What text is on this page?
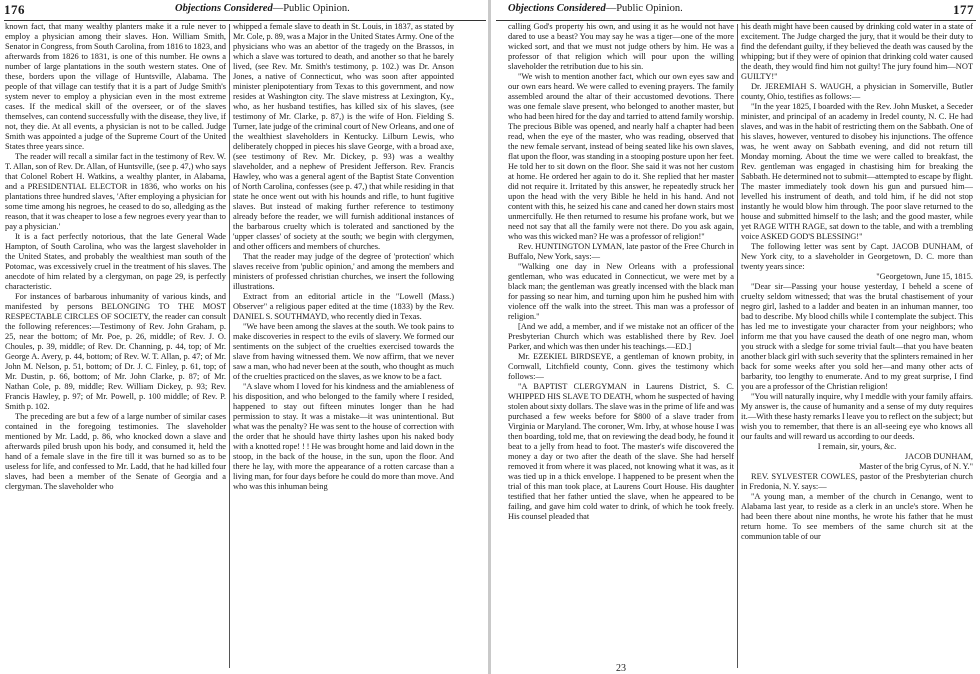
176	Objections Considered—Public Opinion.

known fact, that many wealthy planters make it a rule never to employ a physician among their slaves. Hon. William Smith, Senator in Congress, from South Carolina, from 1816 to 1823, and afterwards from 1826 to 1831, is one of this number. He owns a number of large plantations in the south western states. One of these, borders upon the village of Huntsville, Alabama. The people of that village can testify that it is a part of Judge Smith's system never to employ a physician even in the most extreme cases. If the medical skill of the overseer, or of the slaves themselves, can contend successfully with the disease, they live, if not, they die. At all events, a physician is not to be called. Judge Smith was appointed a judge of the Supreme Court of the United States three years since.

The reader will recall a similar fact in the testimony of Rev. W. T. Allan, son of Rev. Dr. Allan, of Huntsville, (see p. 47,) who says that Colonel Robert H. Watkins, a wealthy planter, in Alabama, and a PRESIDENTIAL ELECTOR in 1836, who works on his plantations three hundred slaves, 'After employing a physician for some time among his negroes, he ceased to do so, alledging as the reason, that it was cheaper to lose a few negroes every year than to pay a physician.'

It is a fact perfectly notorious, that the late General Wade Hampton, of South Carolina, who was the largest slaveholder in the United States, and probably the wealthiest man south of the Potomac, was excessively cruel in the treatment of his slaves. The anecdote of him related by a clergyman, on page 29, is perfectly characteristic.

For instances of barbarous inhumanity of various kinds, and manifested by persons BELONGING TO THE MOST RESPECTABLE CIRCLES OF SOCIETY, the reader can consult the following references:—Testimony of Rev. John Graham, p. 25, near the bottom; of Mr. Poe, p. 26, middle; of Rev. J. O. Choules, p. 39, middle; of Rev. Dr. Channing, p. 44, top; of Mr. George A. Avery, p. 44, bottom; of Rev. W. T. Allan, p. 47; of Mr. John M. Nelson, p. 51, bottom; of Dr. J. C. Finley, p. 61, top; of Mr. Dustin, p. 66, bottom; of Mr. John Clarke, p. 87; of Mr. Nathan Cole, p. 89, middle; Rev. William Dickey, p. 93; Rev. Francis Hawley, p. 97; of Mr. Powell, p. 100 middle; of Rev. P. Smith p. 102.

The preceding are but a few of a large number of similar cases contained in the foregoing testimonies. The slaveholder mentioned by Mr. Ladd, p. 86, who knocked down a slave and afterwards piled brush upon his body, and consumed it, held the hand of a female slave in the fire till it was burned so as to be useless for life, and confessed to Mr. Ladd, that he had killed four slaves, had been a member of the Senate of Georgia and a clergyman. The slaveholder who

whipped a female slave to death in St. Louis, in 1837, as stated by Mr. Cole, p. 89, was a Major in the United States Army. One of the physicians who was an abettor of the tragedy on the Brassos, in which a slave was tortured to death, and another so that he barely lived, (see Rev. Mr. Smith's testimony, p. 102.) was Dr. Anson Jones, a native of Connecticut, who was soon after appointed minister plenipotentiary from Texas to this government, and now resides at Washington city. The slave mistress at Lexington, Ky., who, as her husband testifies, has killed six of his slaves, (see testimony of Mr. Clarke, p. 87,) is the wife of Hon. Fielding S. Turner, late judge of the criminal court of New Orleans, and one of the wealthiest slaveholders in Kentucky. Lilburn Lewis, who deliberately chopped in pieces his slave George, with a broad axe, (see testimony of Rev. Mr. Dickey, p. 93) was a wealthy slaveholder, and a nephew of President Jefferson. Rev. Francis Hawley, who was a general agent of the Baptist State Convention of North Carolina, confesses (see p. 47,) that while residing in that state he once went out with his hounds and rifle, to hunt fugitive slaves. But instead of making further reference to testimony already before the reader, we will furnish additional instances of the barbarous cruelty which is tolerated and sanctioned by the 'upper classes' of society at the south; we begin with clergymen, and other officers and members of churches.

That the reader may judge of the degree of 'protection' which slaves receive from 'public opinion,' and among the members and ministers of professed christian churches, we insert the following illustrations.

Extract from an editorial article in the "Lowell (Mass.) Observer" a religious paper edited at the time (1833) by the Rev. DANIEL S. SOUTHMAYD, who recently died in Texas.

"We have been among the slaves at the south. We took pains to make discoveries in respect to the evils of slavery. We formed our sentiments on the subject of the cruelties exercised towards the slave from having witnessed them. We now affirm, that we never saw a man, who had never been at the south, who thought as much of the cruelties practiced on the slaves, as we know to be a fact.

"A slave whom I loved for his kindness and the amiableness of his disposition, and who belonged to the family where I resided, happened to stay out fifteen minutes longer than he had permission to stay. It was a mistake—it was unintentional. But what was the penalty? He was sent to the house of correction with the order that he should have thirty lashes upon his naked body with a knotted rope! ! ! He was brought home and laid down in the stoop, in the back of the house, in the sun, upon the floor. And there he lay, with more the appearance of a rotten carcase than a living man, for four days before he could do more than move. And who was this inhuman being

Objections Considered—Public Opinion.	177

calling God's property his own, and using it as he would not have dared to use a beast? You may say he was a tiger—one of the more wicked sort, and that we must not judge others by him. He was a professor of that religion which will pour upon the willing slaveholder the retribution due to his sin.

"We wish to mention another fact, which our own eyes saw and our own ears heard. We were called to evening prayers. The family assembled around the altar of their accustomed devotions. There was one female slave present, who belonged to another master, but who had been hired for the day and tarried to attend family worship. The precious Bible was opened, and nearly half a chapter had been read, when the eye of the master, who was reading, observed that the new female servant, instead of being seated like his own slaves, flat upon the floor, was standing in a stooping posture upon her feet. He told her to sit down on the floor. She said it was not her custom at home. He ordered her again to do it. She replied that her master did not require it. Irritated by this answer, he repeatedly struck her upon the head with the very Bible he held in his hand. And not content with this, he seized his cane and caned her down stairs most unmercifully. He then returned to resume his profane work, but we need not say that all the family were not there. Do you ask again, who was this wicked man? He was a professor of religion!"

Rev. HUNTINGTON LYMAN, late pastor of the Free Church in Buffalo, New York, says:—

"Walking one day in New Orleans with a professional gentleman, who was educated in Connecticut, we were met by a black man; the gentleman was greatly incensed with the black man for passing so near him, and turning upon him he pushed him with violence off the walk into the street. This man was a professor of religion."

[And we add, a member, and if we mistake not an officer of the Presbyterian Church which was established there by Rev. Joel Parker, and which was then under his teachings.—ED.]

Mr. EZEKIEL BIRDSEYE, a gentleman of known probity, in Cornwall, Litchfield county, Conn. gives the testimony which follows:—

"A BAPTIST CLERGYMAN in Laurens District, S. C. WHIPPED HIS SLAVE TO DEATH, whom he suspected of having stolen about sixty dollars. The slave was in the prime of life and was purchased a few weeks before for $800 of a slave trader from Virginia or Maryland. The coroner, Wm. Irby, at whose house I was then boarding, told me, that on reviewing the dead body, he found it beat to a jelly from head to foot. The master's wife discovered the money a day or two after the death of the slave. She had herself removed it from where it was placed, not knowing what it was, as it was tied up in a thick envelope. I happened to be present when the trial of this man took place, at Laurens Court House. His daughter testified that her father untied the slave, when he appeared to be failing, and gave him cold water to drink, of which he took freely. His counsel pleaded that

his death might have been caused by drinking cold water in a state of excitement. The Judge charged the jury, that it would be their duty to find the defendant guilty, if they believed the death was caused by the whipping; but if they were of opinion that drinking cold water caused the death, they would find him not guilty! The jury found him—NOT GUILTY!"

Dr. JEREMIAH S. WAUGH, a physician in Somerville, Butler county, Ohio, testifies as follows:—

"In the year 1825, I boarded with the Rev. John Musket, a Seceder minister, and principal of an academy in Iredel county, N. C. He had slaves, and was in the habit of restricting them on the Sabbath. One of his slaves, however, ventured to disobey his injunctions. The offence was, he went away on Sabbath evening, and did not return till Monday morning. About the time we were called to breakfast, the Rev. gentleman was engaged in chastising him for breaking the Sabbath. He determined not to submit—attempted to escape by flight. The master immediately took down his gun and pursued him—levelled his instrument of death, and told him, if he did not stop instantly he would blow him through. The poor slave returned to the house and submitted himself to the lash; and the good master, while yet RAGE WITH RAGE, sat down to the table, and with a trembling voice ASKED GOD'S BLESSING!"

The following letter was sent by Capt. JACOB DUNHAM, of New York city, to a slaveholder in Georgetown, D. C. more than twenty years since:

"Georgetown, June 15, 1815.

"Dear sir—Passing your house yesterday, I beheld a scene of cruelty seldom witnessed; that was the brutal chastisement of your negro girl, lashed to a ladder and beaten in an inhuman manner, too bad to describe. My blood chills while I contemplate the subject. This has led me to investigate your character from your neighbors; who inform me that you have caused the death of one negro man, whom you struck with a sledge for some trivial fault—that you have beaten another black girl with such severity that the splinters remained in her back for some weeks after you sold her—and many other acts of barbarity, too lengthy to enumerate. And to my great surprise, I find you are a professor of the Christian religion!

"You will naturally inquire, why I meddle with your family affairs. My answer is, the cause of humanity and a sense of my duty requires it.—With these hasty remarks I leave you to reflect on the subject; but wish you to remember, that there is an all-seeing eye who knows all our faults and will reward us according to our deeds.

I remain, sir, yours, &c.

JACOB DUNHAM,

Master of the brig Cyrus, of N. Y."

REV. SYLVESTER COWLES, pastor of the Presbyterian church in Fredonia, N. Y. says:—

"A young man, a member of the church in Cenango, went to Alabama last year, to reside as a clerk in an uncle's store. When he had been there about nine months, he wrote his father that he must return home. To see members of the same church sit at the communion table of our

23
